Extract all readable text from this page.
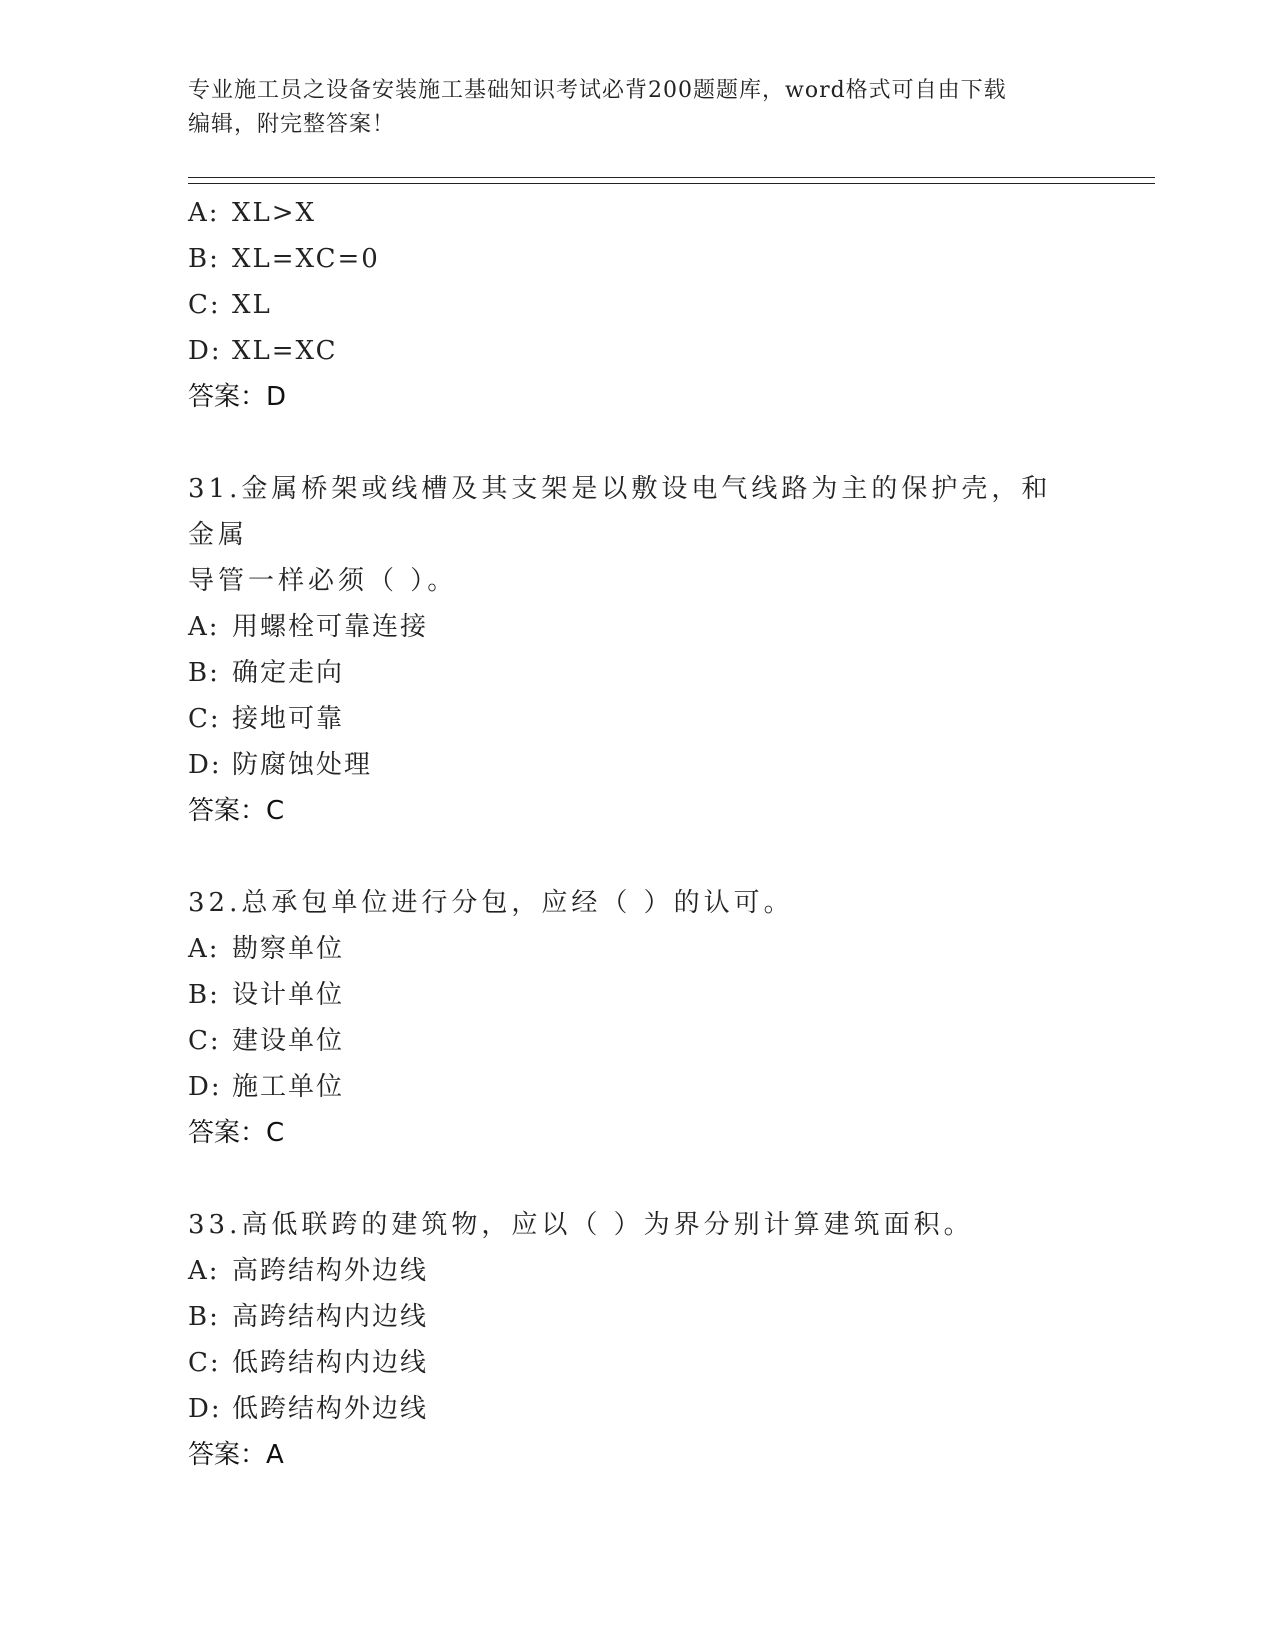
专业施工员之设备安装施工基础知识考试必背200题题库，word格式可自由下载
编辑，附完整答案！
A: XL>X
B: XL=XC=0
C: XL
D: XL=XC
答案：D
31.金属桥架或线槽及其支架是以敷设电气线路为主的保护壳，和金属
导管一样必须（ ）。
A: 用螺栓可靠连接
B: 确定走向
C: 接地可靠
D: 防腐蚀处理
答案：C
32.总承包单位进行分包，应经（ ）的认可。
A: 勘察单位
B: 设计单位
C: 建设单位
D: 施工单位
答案：C
33.高低联跨的建筑物，应以（ ）为界分别计算建筑面积。
A: 高跨结构外边线
B: 高跨结构内边线
C: 低跨结构内边线
D: 低跨结构外边线
答案：A
